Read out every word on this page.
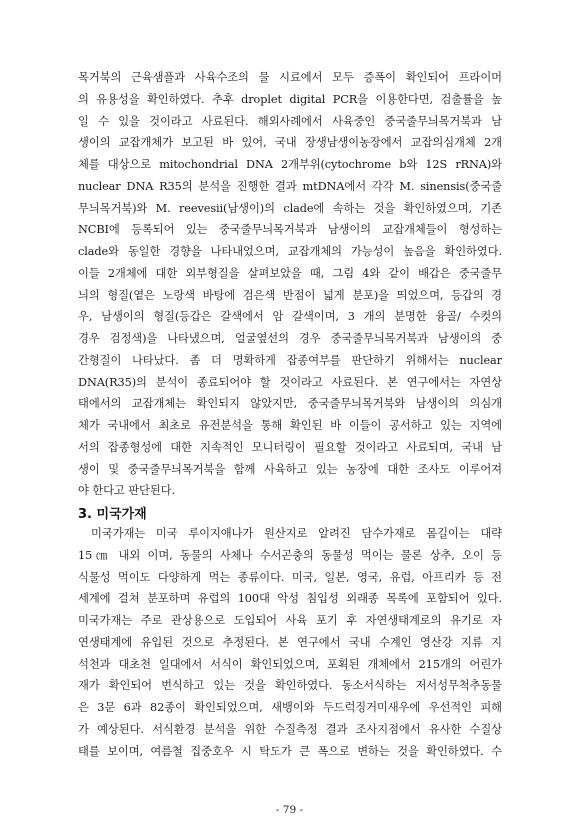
목거북의 근육샘플과 사육수조의 물 시료에서 모두 증폭이 확인되어 프라이머
의 유용성을 확인하였다. 추후 droplet digital PCR을 이용한다면, 검출률을 높
일 수 있을 것이라고 사료된다. 해외사례에서 사육중인 중국줄무늬목거북과 남
생이의 교잡개체가 보고된 바 있어, 국내 장생남생이농장에서 교잡의심개체 2개
체를 대상으로 mitochondrial DNA 2개부위(cytochrome b와 12S rRNA)와
nuclear DNA R35의 분석을 진행한 결과 mtDNA에서 각각 M. sinensis(중국줄
무늬목거북)와 M. reevesii(남생이)의 clade에 속하는 것을 확인하였으며, 기존
NCBI에 등록되어 있는 중국줄무늬목거북과 남생이의 교잡개체들이 형성하는
clade와 동일한 경향을 나타내었으며, 교잡개체의 가능성이 높음을 확인하였다.
이들 2개체에 대한 외부형질을 살펴보았을 때, 그림 4와 같이 배갑은 중국줄무
늬의 형질(옅은 노랑색 바탕에 검은색 반점이 넓게 분포)을 띄었으며, 등갑의 경
우, 남생이의 형질(등갑은 갈색에서 암 갈색이며, 3 개의 분명한 융골/ 수컷의
경우 검정색)을 나타냈으며, 얼굴옆선의 경우 중국줄무늬목거북과 남생이의 중
간형질이 나타났다. 좀 더 명확하게 잡종여부를 판단하기 위해서는 nuclear
DNA(R35)의 분석이 종료되어야 할 것이라고 사료된다. 본 연구에서는 자연상
태에서의 교잡개체는 확인되지 않았지만, 중국줄무늬목거북와 남생이의 의심개
체가 국내에서 최초로 유전분석을 통해 확인된 바 이들이 공서하고 있는 지역에
서의 잡종형성에 대한 지속적인 모니터링이 필요할 것이라고 사료되며, 국내 남
생이 및 중국줄무늬목거북을 함께 사육하고 있는 농장에 대한 조사도 이루어져
야 한다고 판단된다.
3. 미국가재
미국가재는 미국 루이지애나가 원산지로 알려진 담수가재로 몸길이는 대략
15㎝ 내외 이며, 동물의 사체나 수서곤충의 동물성 먹이는 물론 상추, 오이 등
식물성 먹이도 다양하게 먹는 종류이다. 미국, 일본, 영국, 유럽, 아프리카 등 전
세계에 걸쳐 분포하며 유럽의 100대 악성 침입성 외래종 목록에 포함되어 있다.
미국가재는 주로 관상용으로 도입되어 사육 포기 후 자연생태계로의 유기로 자
연생태계에 유입된 것으로 추정된다. 본 연구에서 국내 수계인 영산강 지류 지
석천과 대초천 일대에서 서식이 확인되었으며, 포획된 개체에서 215개의 어린가
재가 확인되어 번식하고 있는 것을 확인하였다. 동소서식하는 저서성무척추동물
은 3문 6과 82종이 확인되었으며, 새뱅이와 두드럭징거미새우에 우선적인 피해
가 예상된다. 서식환경 분석을 위한 수질측정 결과 조사지점에서 유사한 수질상
태를 보이며, 여름철 집중호우 시 탁도가 큰 폭으로 변하는 것을 확인하였다. 수
- 79 -
